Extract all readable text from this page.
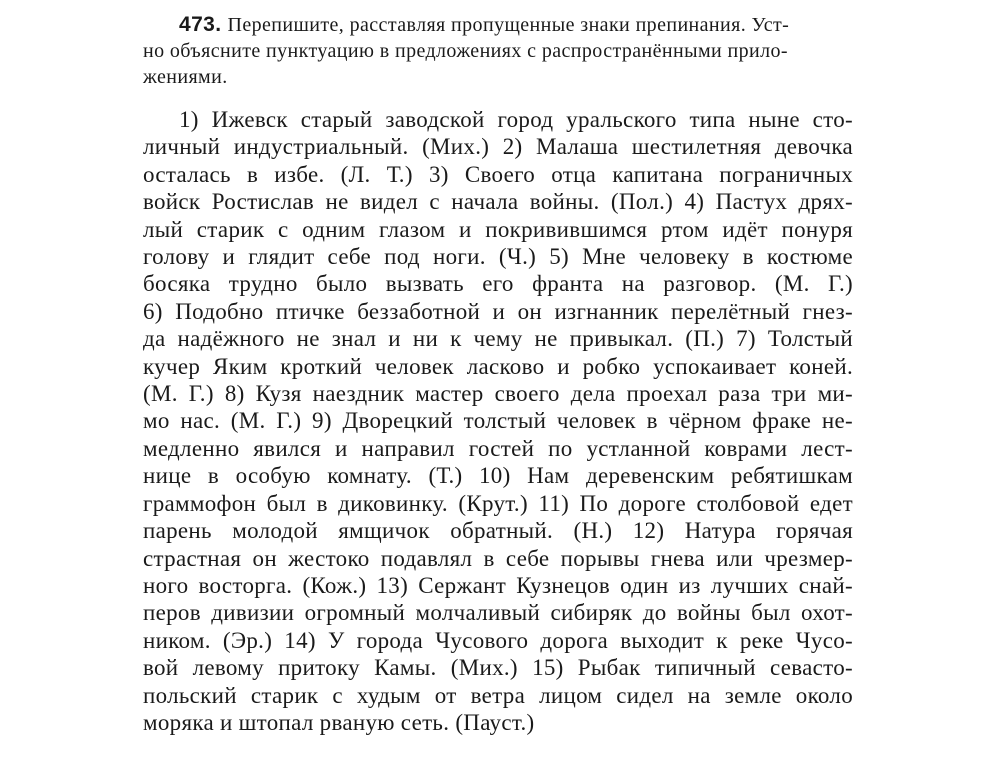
473. Перепишите, расставляя пропущенные знаки препинания. Уст-
но объясните пунктуацию в предложениях с распространёнными прило-
жениями.
1) Ижевск старый заводской город уральского типа ныне сто-
личный индустриальный. (Мих.) 2) Малаша шестилетняя девочка
осталась в избе. (Л. Т.) 3) Своего отца капитана пограничных
войск Ростислав не видел с начала войны. (Пол.) 4) Пастух дрях-
лый старик с одним глазом и покривившимся ртом идёт понуря
голову и глядит себе под ноги. (Ч.) 5) Мне человеку в костюме
босяка трудно было вызвать его франта на разговор. (М. Г.)
6) Подобно птичке беззаботной и он изгнанник перелётный гнез-
да надёжного не знал и ни к чему не привыкал. (П.) 7) Толстый
кучер Яким кроткий человек ласково и робко успокаивает коней.
(М. Г.) 8) Кузя наездник мастер своего дела проехал раза три ми-
мо нас. (М. Г.) 9) Дворецкий толстый человек в чёрном фраке не-
медленно явился и направил гостей по устланной коврами лест-
нице в особую комнату. (Т.) 10) Нам деревенским ребятишкам
граммофон был в диковинку. (Крут.) 11) По дороге столбовой едет
парень молодой ямщичок обратный. (Н.) 12) Натура горячая
страстная он жестоко подавлял в себе порывы гнева или чрезмер-
ного восторга. (Кож.) 13) Сержант Кузнецов один из лучших снай-
перов дивизии огромный молчаливый сибиряк до войны был охот-
ником. (Эр.) 14) У города Чусового дорога выходит к реке Чусо-
вой левому притоку Камы. (Мих.) 15) Рыбак типичный севасто-
польский старик с худым от ветра лицом сидел на земле около
моряка и штопал рваную сеть. (Пауст.)
